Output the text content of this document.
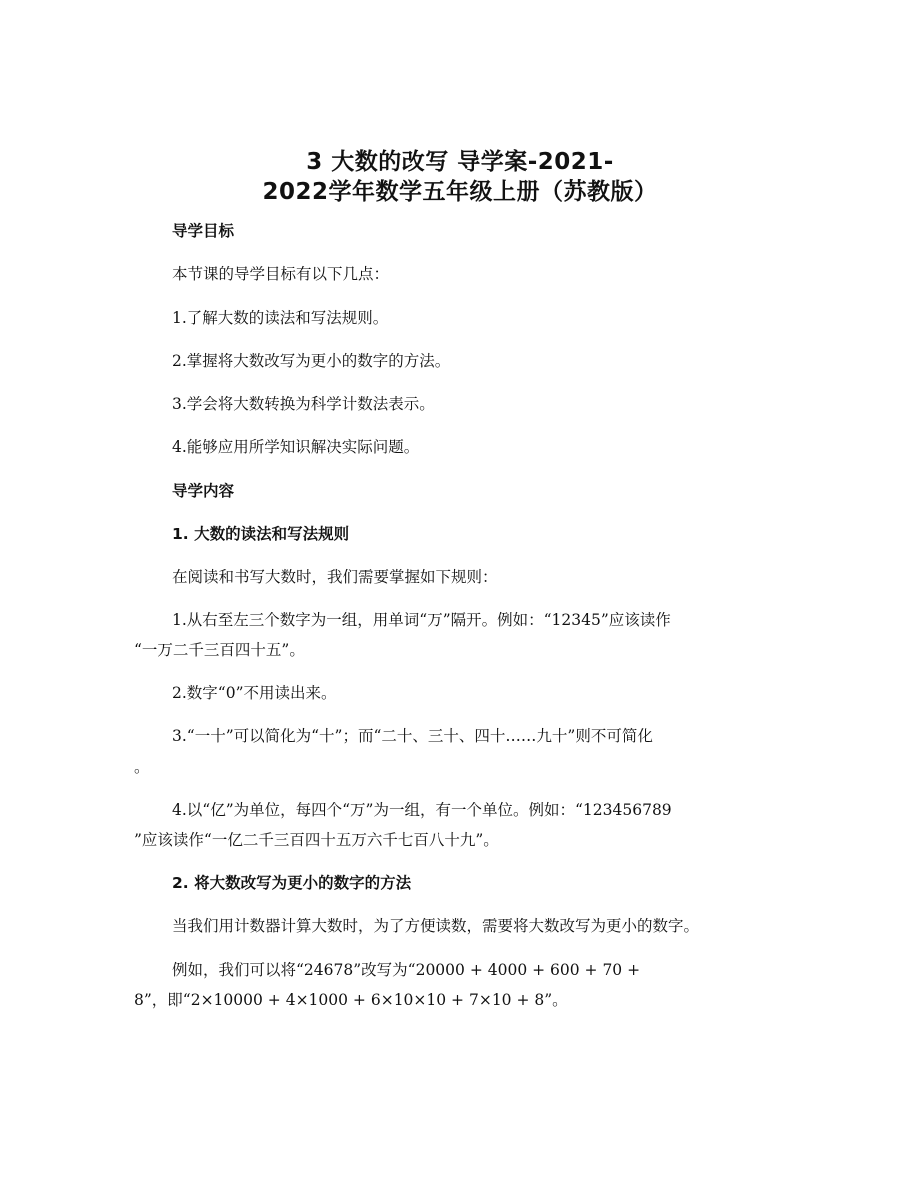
3 大数的改写 导学案-2021-
2022学年数学五年级上册（苏教版）
导学目标
本节课的导学目标有以下几点：
1.了解大数的读法和写法规则。
2.掌握将大数改写为更小的数字的方法。
3.学会将大数转换为科学计数法表示。
4.能够应用所学知识解决实际问题。
导学内容
1. 大数的读法和写法规则
在阅读和书写大数时，我们需要掌握如下规则：
1.从右至左三个数字为一组，用单词“万”隔开。例如：“12345”应该读作
“一万二千三百四十五”。
2.数字“0”不用读出来。
3.“一十”可以简化为“十”；而“二十、三十、四十……九十”则不可简化
。
4.以“亿”为单位，每四个“万”为一组，有一个单位。例如：“123456789
”应该读作“一亿二千三百四十五万六千七百八十九”。
2. 将大数改写为更小的数字的方法
当我们用计数器计算大数时，为了方便读数，需要将大数改写为更小的数字。
例如，我们可以将“24678”改写为“20000 + 4000 + 600 + 70 +
8”，即“2×10000 + 4×1000 + 6×10×10 + 7×10 + 8”。
